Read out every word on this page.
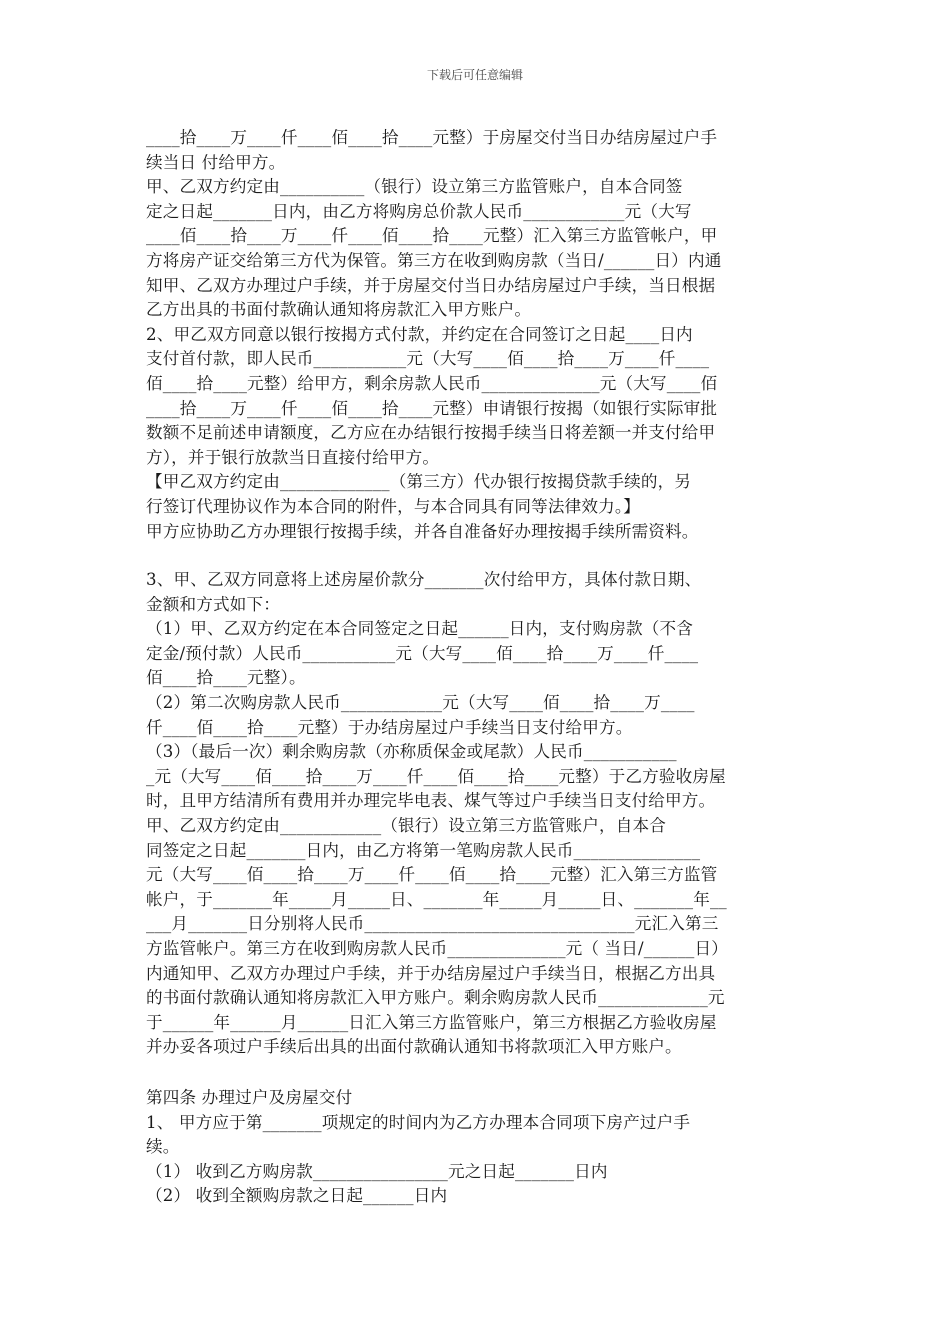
下载后可任意编辑
____拾____万____仟____佰____拾____元整）于房屋交付当日办结房屋过户手
续当日 付给甲方。
甲、乙双方约定由__________（银行）设立第三方监管账户，自本合同签
定之日起_______日内，由乙方将购房总价款人民币____________元（大写
____佰____拾____万____仟____佰____拾____元整）汇入第三方监管帐户，甲
方将房产证交给第三方代为保管。第三方在收到购房款（当日/______日）内通
知甲、乙双方办理过户手续，并于房屋交付当日办结房屋过户手续，当日根据
乙方出具的书面付款确认通知将房款汇入甲方账户。
2、甲乙双方同意以银行按揭方式付款，并约定在合同签订之日起____日内
支付首付款，即人民币___________元（大写____佰____拾____万____仟____
佰____拾____元整）给甲方，剩余房款人民币______________元（大写____佰
____拾____万____仟____佰____拾____元整）申请银行按揭（如银行实际审批
数额不足前述申请额度，乙方应在办结银行按揭手续当日将差额一并支付给甲
方），并于银行放款当日直接付给甲方。
【甲乙双方约定由_____________（第三方）代办银行按揭贷款手续的，另
行签订代理协议作为本合同的附件，与本合同具有同等法律效力。】
甲方应协助乙方办理银行按揭手续，并各自准备好办理按揭手续所需资料。
3、甲、乙双方同意将上述房屋价款分_______次付给甲方，具体付款日期、
金额和方式如下：
（1）甲、乙双方约定在本合同签定之日起______日内，支付购房款（不含
定金/预付款）人民币___________元（大写____佰____拾____万____仟____
佰____拾____元整）。
（2）第二次购房款人民币____________元（大写____佰____拾____万____
仟____佰____拾____元整）于办结房屋过户手续当日支付给甲方。
（3）（最后一次）剩余购房款（亦称质保金或尾款）人民币___________
_元（大写____佰____拾____万____仟____佰____拾____元整）于乙方验收房屋
时，且甲方结清所有费用并办理完毕电表、煤气等过户手续当日支付给甲方。
甲、乙双方约定由____________（银行）设立第三方监管账户，自本合
同签定之日起_______日内，由乙方将第一笔购房款人民币_______________
元（大写____佰____拾____万____仟____佰____拾____元整）汇入第三方监管
帐户，于_______年_____月_____日、_______年_____月_____日、_______年__
___月_______日分别将人民币________________________________元汇入第三
方监管帐户。第三方在收到购房款人民币______________元（ 当日/______日）
内通知甲、乙双方办理过户手续，并于办结房屋过户手续当日，根据乙方出具
的书面付款确认通知将房款汇入甲方账户。剩余购房款人民币_____________元
于______年______月______日汇入第三方监管账户，第三方根据乙方验收房屋
并办妥各项过户手续后出具的出面付款确认通知书将款项汇入甲方账户。
第四条 办理过户及房屋交付
1、 甲方应于第_______项规定的时间内为乙方办理本合同项下房产过户手
续。
（1） 收到乙方购房款________________元之日起_______日内
（2） 收到全额购房款之日起______日内
